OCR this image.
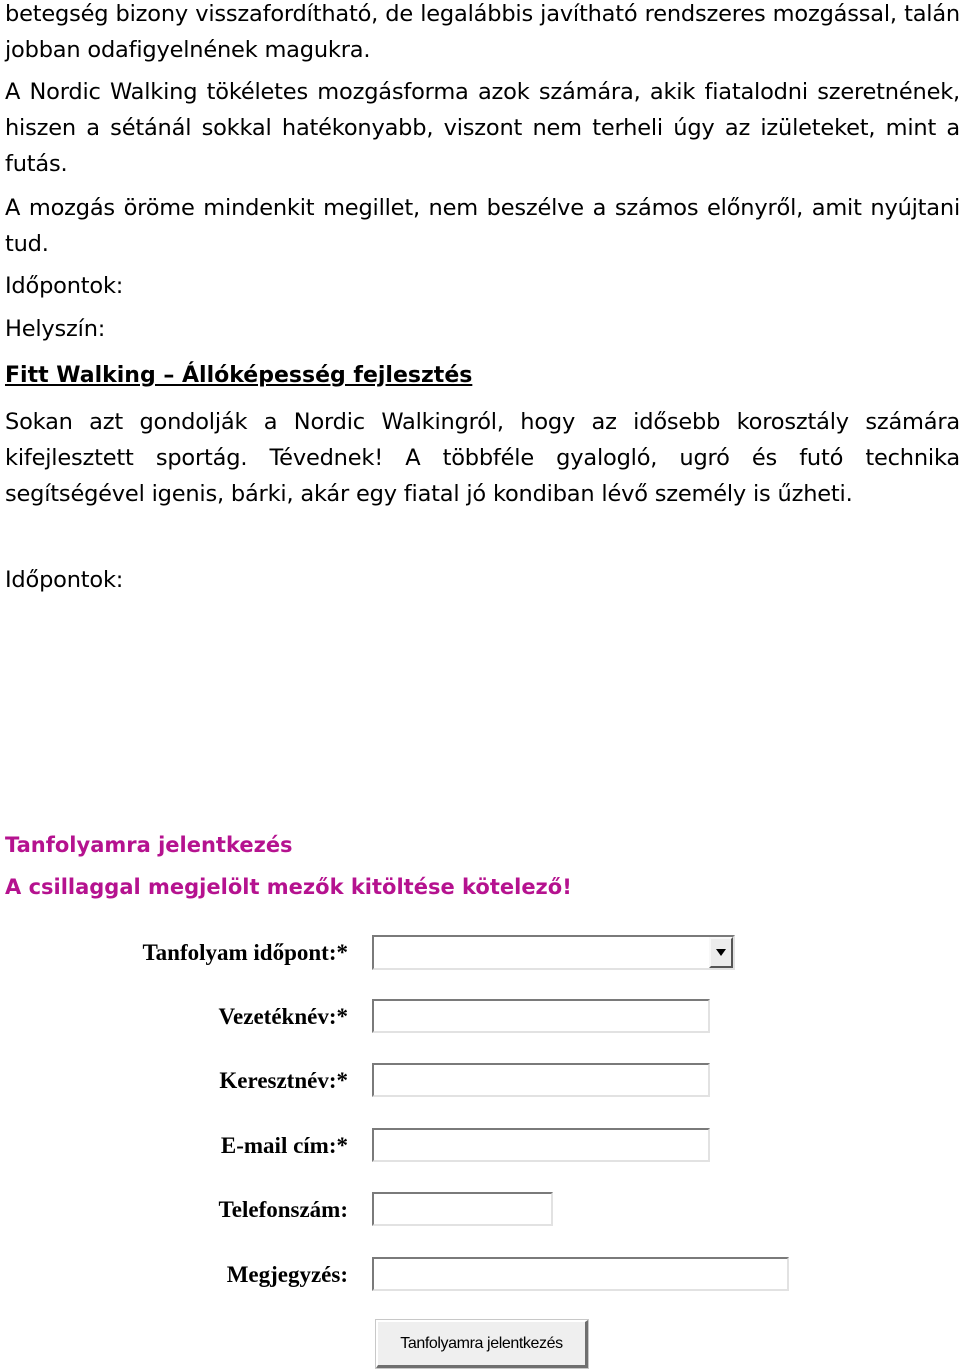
betegség bizony visszafordítható, de legalábbis javítható rendszeres mozgással, talán jobban odafigyelnének magukra.

A Nordic Walking tökéletes mozgásforma azok számára, akik fiatalodni szeretnének, hiszen a sétánál sokkal hatékonyabb, viszont nem terheli úgy az izületeket, mint a futás.

A mozgás öröme mindenkit megillet, nem beszélve a számos előnyről, amit nyújtani tud.

Időpontok:

Helyszín:

Fitt Walking – Állóképesség fejlesztés

Sokan azt gondolják a Nordic Walkingról, hogy az idősebb korosztály számára kifejlesztett sportág. Tévednek! A többféle gyalogló, ugró és futó technika segítségével igenis, bárki, akár egy fiatal jó kondiban lévő személy is űzheti.

Időpontok:

Tanfolyamra jelentkezés

A csillaggal megjelölt mezők kitöltése kötelező!

Tanfolyam időpont:*
Vezetéknév:*
Keresztnév:*
E-mail cím:*
Telefonszám:
Megjegyzés:
Tanfolyamra jelentkezés
